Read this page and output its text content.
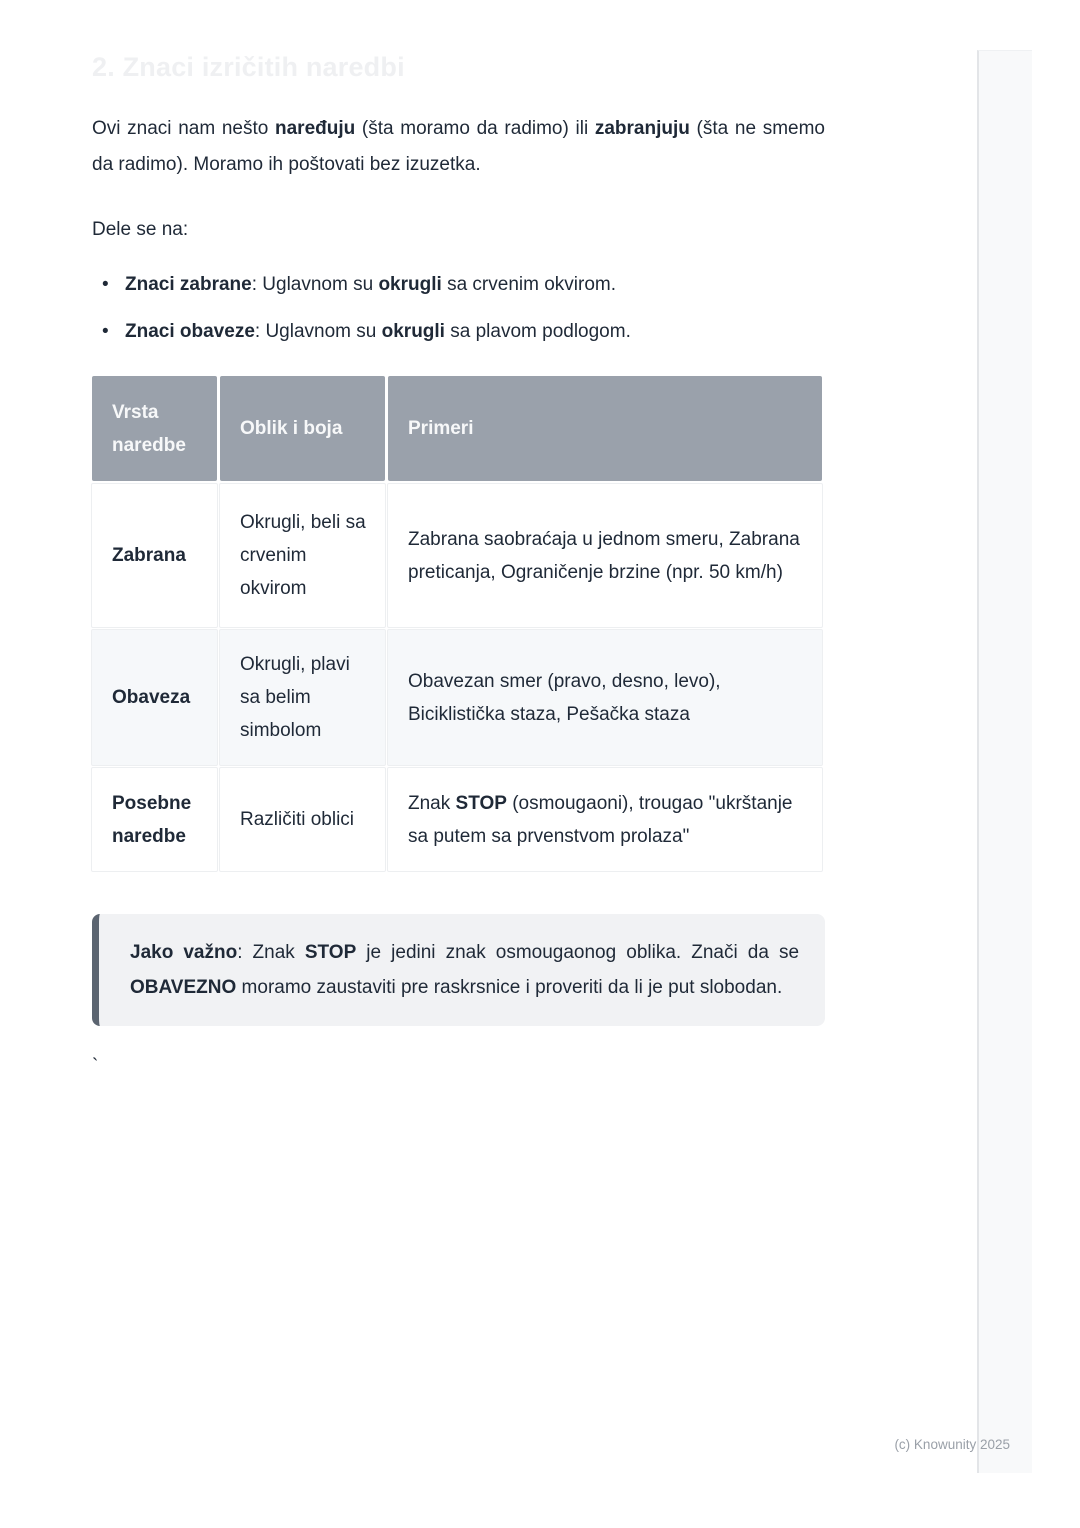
2. Znaci izričitih naredbi

Ovi znaci nam nešto naređuju (šta moramo da radimo) ili zabranjuju (šta ne smemo da radimo). Moramo ih poštovati bez izuzetka.

Dele se na:

• Znaci zabrane: Uglavnom su okrugli sa crvenim okvirom.
• Znaci obaveze: Uglavnom su okrugli sa plavom podlogom.
Vrsta naredbe	Oblik i boja	Primeri
Zabrana	Okrugli, beli sa crvenim okvirom	Zabrana saobraćaja u jednom smeru, Zabrana preticanja, Ograničenje brzine (npr. 50 km/h)
Obaveza	Okrugli, plavi sa belim simbolom	Obavezan smer (pravo, desno, levo), Biciklistička staza, Pešačka staza
Posebne naredbe	Različiti oblici	Znak STOP (osmougaoni), trougao "ukrštanje sa putem sa prvenstvom prolaza"
Jako važno: Znak STOP je jedini znak osmougaonog oblika. Znači da se OBAVEZNO moramo zaustaviti pre raskrsnice i proveriti da li je put slobodan.
`
(c) Knowunity 2025
